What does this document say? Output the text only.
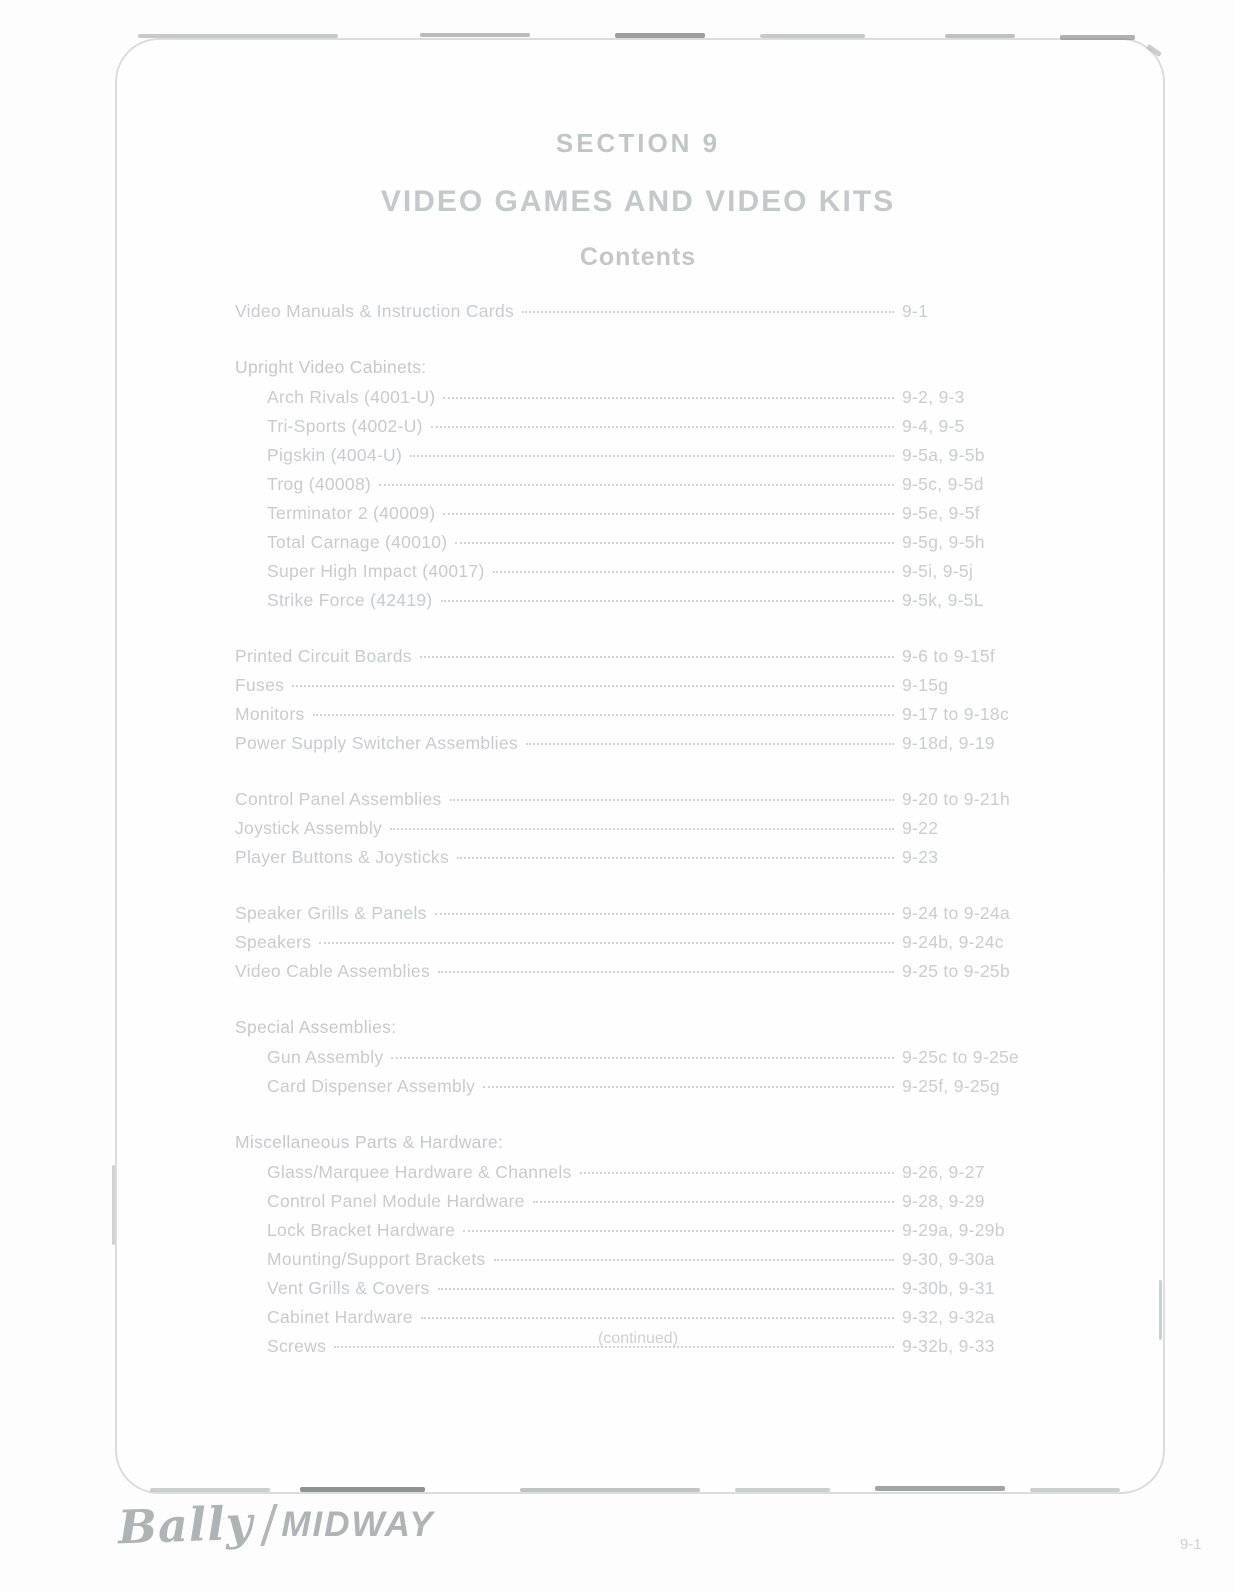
SECTION 9
VIDEO GAMES AND VIDEO KITS
Contents
Video Manuals & Instruction Cards	9-1
Upright Video Cabinets:
Arch Rivals (4001-U)	9-2, 9-3
Tri-Sports (4002-U)	9-4, 9-5
Pigskin (4004-U)	9-5a, 9-5b
Trog (40008)	9-5c, 9-5d
Terminator 2 (40009)	9-5e, 9-5f
Total Carnage (40010)	9-5g, 9-5h
Super High Impact (40017)	9-5i, 9-5j
Strike Force (42419)	9-5k, 9-5L
Printed Circuit Boards	9-6 to 9-15f
Fuses	9-15g
Monitors	9-17 to 9-18c
Power Supply Switcher Assemblies	9-18d, 9-19
Control Panel Assemblies	9-20 to 9-21h
Joystick Assembly	9-22
Player Buttons & Joysticks	9-23
Speaker Grills & Panels	9-24 to 9-24a
Speakers	9-24b, 9-24c
Video Cable Assemblies	9-25 to 9-25b
Special Assemblies:
Gun Assembly	9-25c to 9-25e
Card Dispenser Assembly	9-25f, 9-25g
Miscellaneous Parts & Hardware:
Glass/Marquee Hardware & Channels	9-26, 9-27
Control Panel Module Hardware	9-28, 9-29
Lock Bracket Hardware	9-29a, 9-29b
Mounting/Support Brackets	9-30, 9-30a
Vent Grills & Covers	9-30b, 9-31
Cabinet Hardware	9-32, 9-32a
Screws	9-32b, 9-33
(continued)
Bally MIDWAY
9-1
